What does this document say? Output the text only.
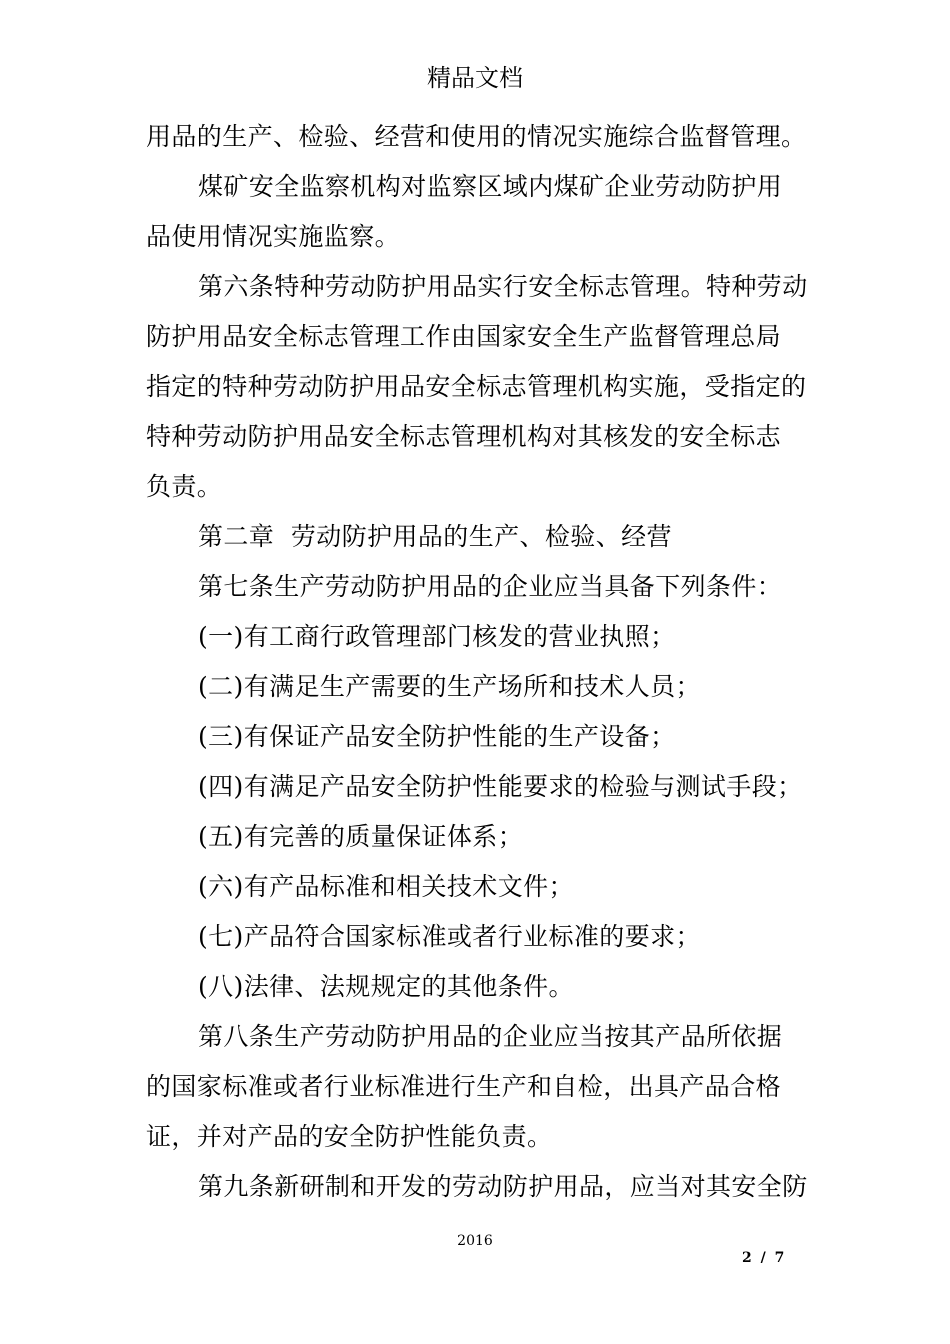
精品文档

用品的生产、检验、经营和使用的情况实施综合监督管理。

煤矿安全监察机构对监察区域内煤矿企业劳动防护用

品使用情况实施监察。

第六条特种劳动防护用品实行安全标志管理。特种劳动

防护用品安全标志管理工作由国家安全生产监督管理总局

指定的特种劳动防护用品安全标志管理机构实施，受指定的

特种劳动防护用品安全标志管理机构对其核发的安全标志

负责。

第二章  劳动防护用品的生产、检验、经营

第七条生产劳动防护用品的企业应当具备下列条件：

(一)有工商行政管理部门核发的营业执照；

(二)有满足生产需要的生产场所和技术人员；

(三)有保证产品安全防护性能的生产设备；

(四)有满足产品安全防护性能要求的检验与测试手段；

(五)有完善的质量保证体系；

(六)有产品标准和相关技术文件；

(七)产品符合国家标准或者行业标准的要求；

(八)法律、法规规定的其他条件。

第八条生产劳动防护用品的企业应当按其产品所依据

的国家标准或者行业标准进行生产和自检，出具产品合格

证，并对产品的安全防护性能负责。

第九条新研制和开发的劳动防护用品，应当对其安全防

2016
2 / 7
